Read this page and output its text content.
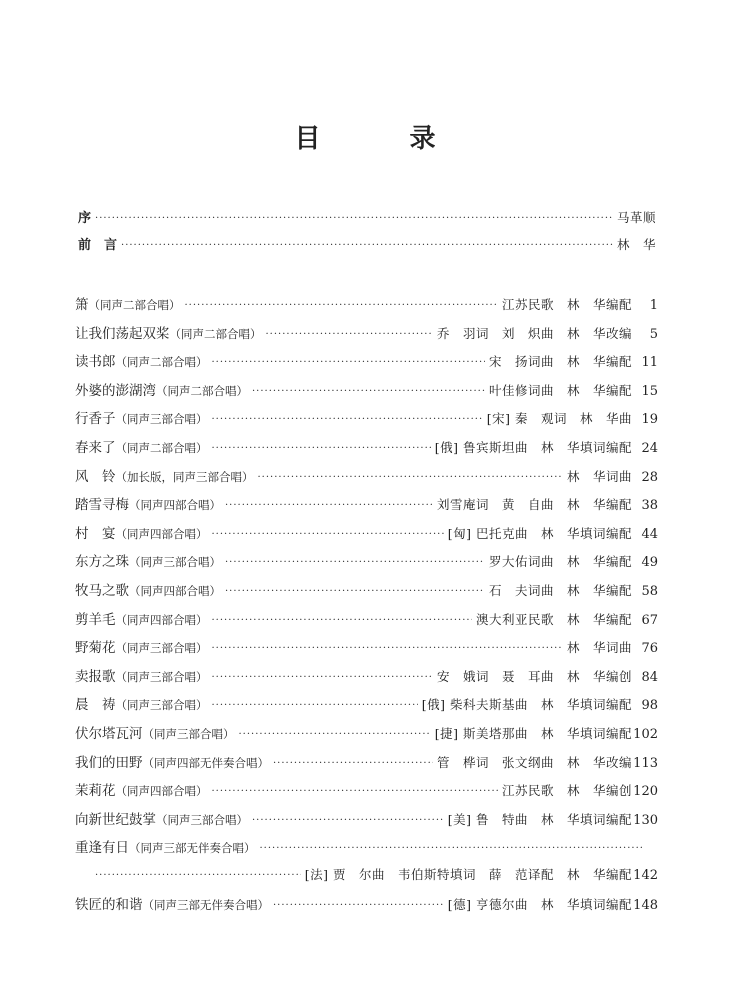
目 录
序 ·····	马革顺
前　言 ·····	林　华
箫（同声二部合唱） ·····	江苏民歌　林　华编配	1
让我们荡起双桨（同声二部合唱） ·····	乔　羽词　刘　炽曲　林　华改编	5
读书郎（同声二部合唱） ·····	宋　扬词曲　林　华编配 11
外婆的澎湖湾（同声二部合唱） ·····	叶佳修词曲　林　华编配 15
行香子（同声三部合唱） ·····	[宋] 秦　观词　林　华曲 19
春来了（同声二部合唱） ·····	[俄] 鲁宾斯坦曲　林　华填词编配 24
风　铃（加长版，同声三部合唱） ·····	林　华词曲 28
踏雪寻梅（同声四部合唱） ·····	刘雪庵词　黄　自曲　林　华编配 38
村　宴（同声四部合唱） ·····	[匈] 巴托克曲　林　华填词编配 44
东方之珠（同声三部合唱） ·····	罗大佑词曲　林　华编配 49
牧马之歌（同声四部合唱） ·····	石　夫词曲　林　华编配 58
剪羊毛（同声四部合唱） ·····	澳大利亚民歌　林　华编配 67
野菊花（同声三部合唱） ·····	林　华词曲 76
卖报歌（同声三部合唱） ·····	安　娥词　聂　耳曲　林　华编创 84
晨　祷（同声三部合唱） ·····	[俄] 柴科夫斯基曲　林　华填词编配 98
伏尔塔瓦河（同声三部合唱） ·····	[捷] 斯美塔那曲　林　华填词编配 102
我们的田野（同声四部无伴奏合唱） ·····	管　桦词　张文纲曲　林　华改编 113
茉莉花（同声四部合唱） ·····	江苏民歌　林　华编创 120
向新世纪鼓掌（同声三部合唱） ·····	[美] 鲁　特曲　林　华填词编配 130
重逢有日（同声三部无伴奏合唱）
·····
·····
[法] 贾　尔曲　韦伯斯特填词　薛　范译配　林　华编配 142
铁匠的和谐（同声三部无伴奏合唱） ·····	[德] 亨德尔曲　林　华填词编配 148
